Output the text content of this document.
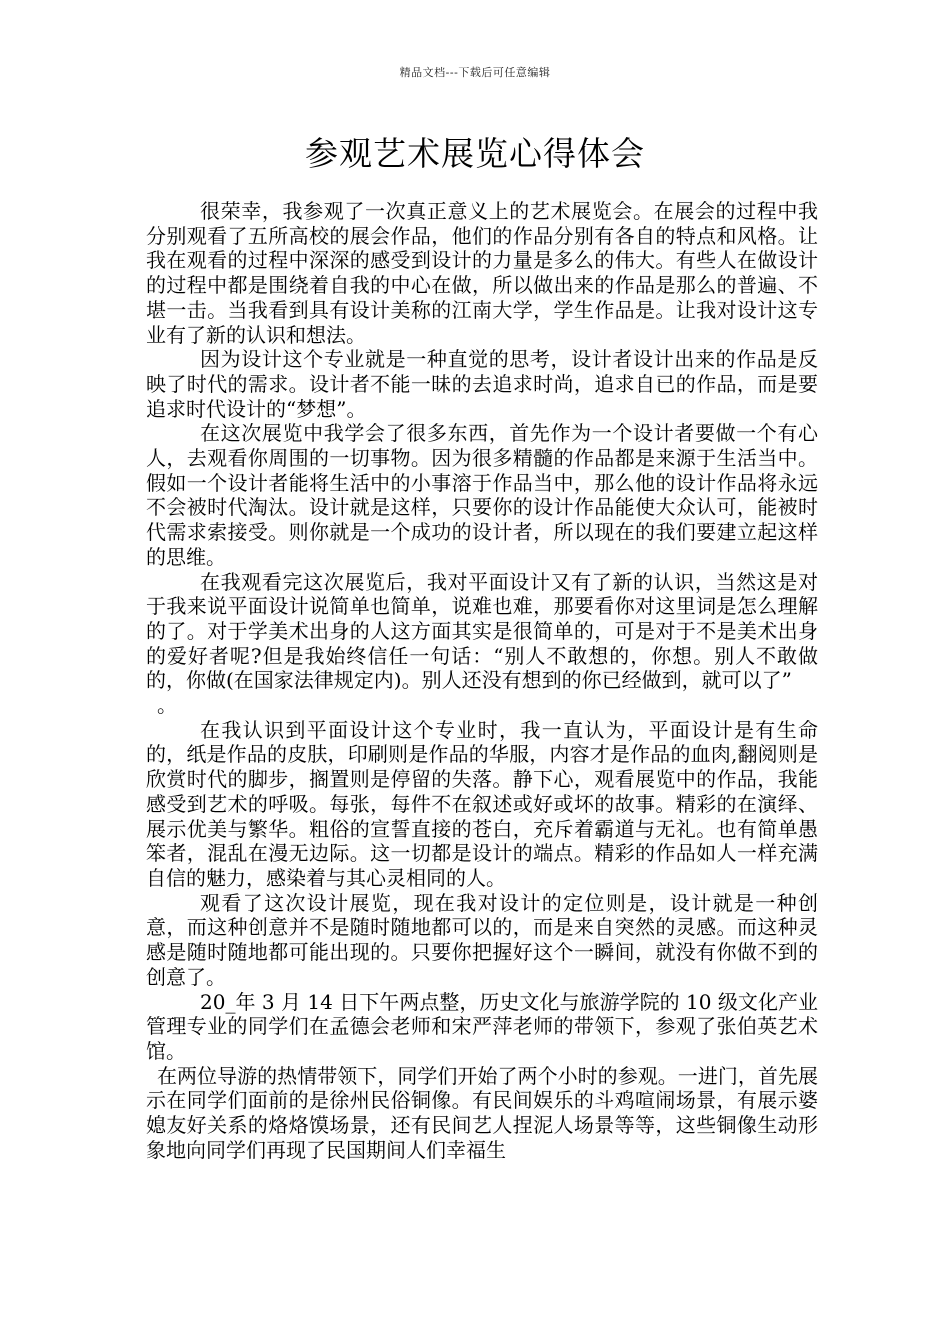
精品文档---下载后可任意编辑
参观艺术展览心得体会

很荣幸，我参观了一次真正意义上的艺术展览会。在展会的过程中我分别观看了五所高校的展会作品，他们的作品分别有各自的特点和风格。让我在观看的过程中深深的感受到设计的力量是多么的伟大。有些人在做设计的过程中都是围绕着自我的中心在做，所以做出来的作品是那么的普遍、不堪一击。当我看到具有设计美称的江南大学，学生作品是。让我对设计这专业有了新的认识和想法。

因为设计这个专业就是一种直觉的思考，设计者设计出来的作品是反映了时代的需求。设计者不能一昧的去追求时尚，追求自已的作品，而是要追求时代设计的“梦想”。

在这次展览中我学会了很多东西，首先作为一个设计者要做一个有心人，去观看你周围的一切事物。因为很多精髓的作品都是来源于生活当中。假如一个设计者能将生活中的小事溶于作品当中，那么他的设计作品将永远不会被时代淘汰。设计就是这样，只要你的设计作品能使大众认可，能被时代需求索接受。则你就是一个成功的设计者，所以现在的我们要建立起这样的思维。

在我观看完这次展览后，我对平面设计又有了新的认识，当然这是对于我来说平面设计说简单也简单，说难也难，那要看你对这里词是怎么理解的了。对于学美术出身的人这方面其实是很简单的，可是对于不是美术出身的爱好者呢?但是我始终信任一句话：“别人不敢想的，你想。别人不敢做的，你做(在国家法律规定内)。别人还没有想到的你已经做到，就可以了”

。

在我认识到平面设计这个专业时，我一直认为，平面设计是有生命的，纸是作品的皮肤，印刷则是作品的华服，内容才是作品的血肉,翻阅则是欣赏时代的脚步，搁置则是停留的失落。静下心，观看展览中的作品，我能感受到艺术的呼吸。每张，每件不在叙述或好或坏的故事。精彩的在演绎、展示优美与繁华。粗俗的宣誓直接的苍白，充斥着霸道与无礼。也有简单愚笨者，混乱在漫无边际。这一切都是设计的端点。精彩的作品如人一样充满自信的魅力，感染着与其心灵相同的人。

观看了这次设计展览，现在我对设计的定位则是，设计就是一种创意，而这种创意并不是随时随地都可以的，而是来自突然的灵感。而这种灵感是随时随地都可能出现的。只要你把握好这个一瞬间，就没有你做不到的创意了。

20_年 3 月 14 日下午两点整，历史文化与旅游学院的 10 级文化产业管理专业的同学们在孟德会老师和宋严萍老师的带领下，参观了张伯英艺术馆。

在两位导游的热情带领下，同学们开始了两个小时的参观。一进门，首先展示在同学们面前的是徐州民俗铜像。有民间娱乐的斗鸡喧闹场景，有展示婆媳友好关系的烙烙馍场景，还有民间艺人捏泥人场景等等，这些铜像生动形象地向同学们再现了民国期间人们幸福生
